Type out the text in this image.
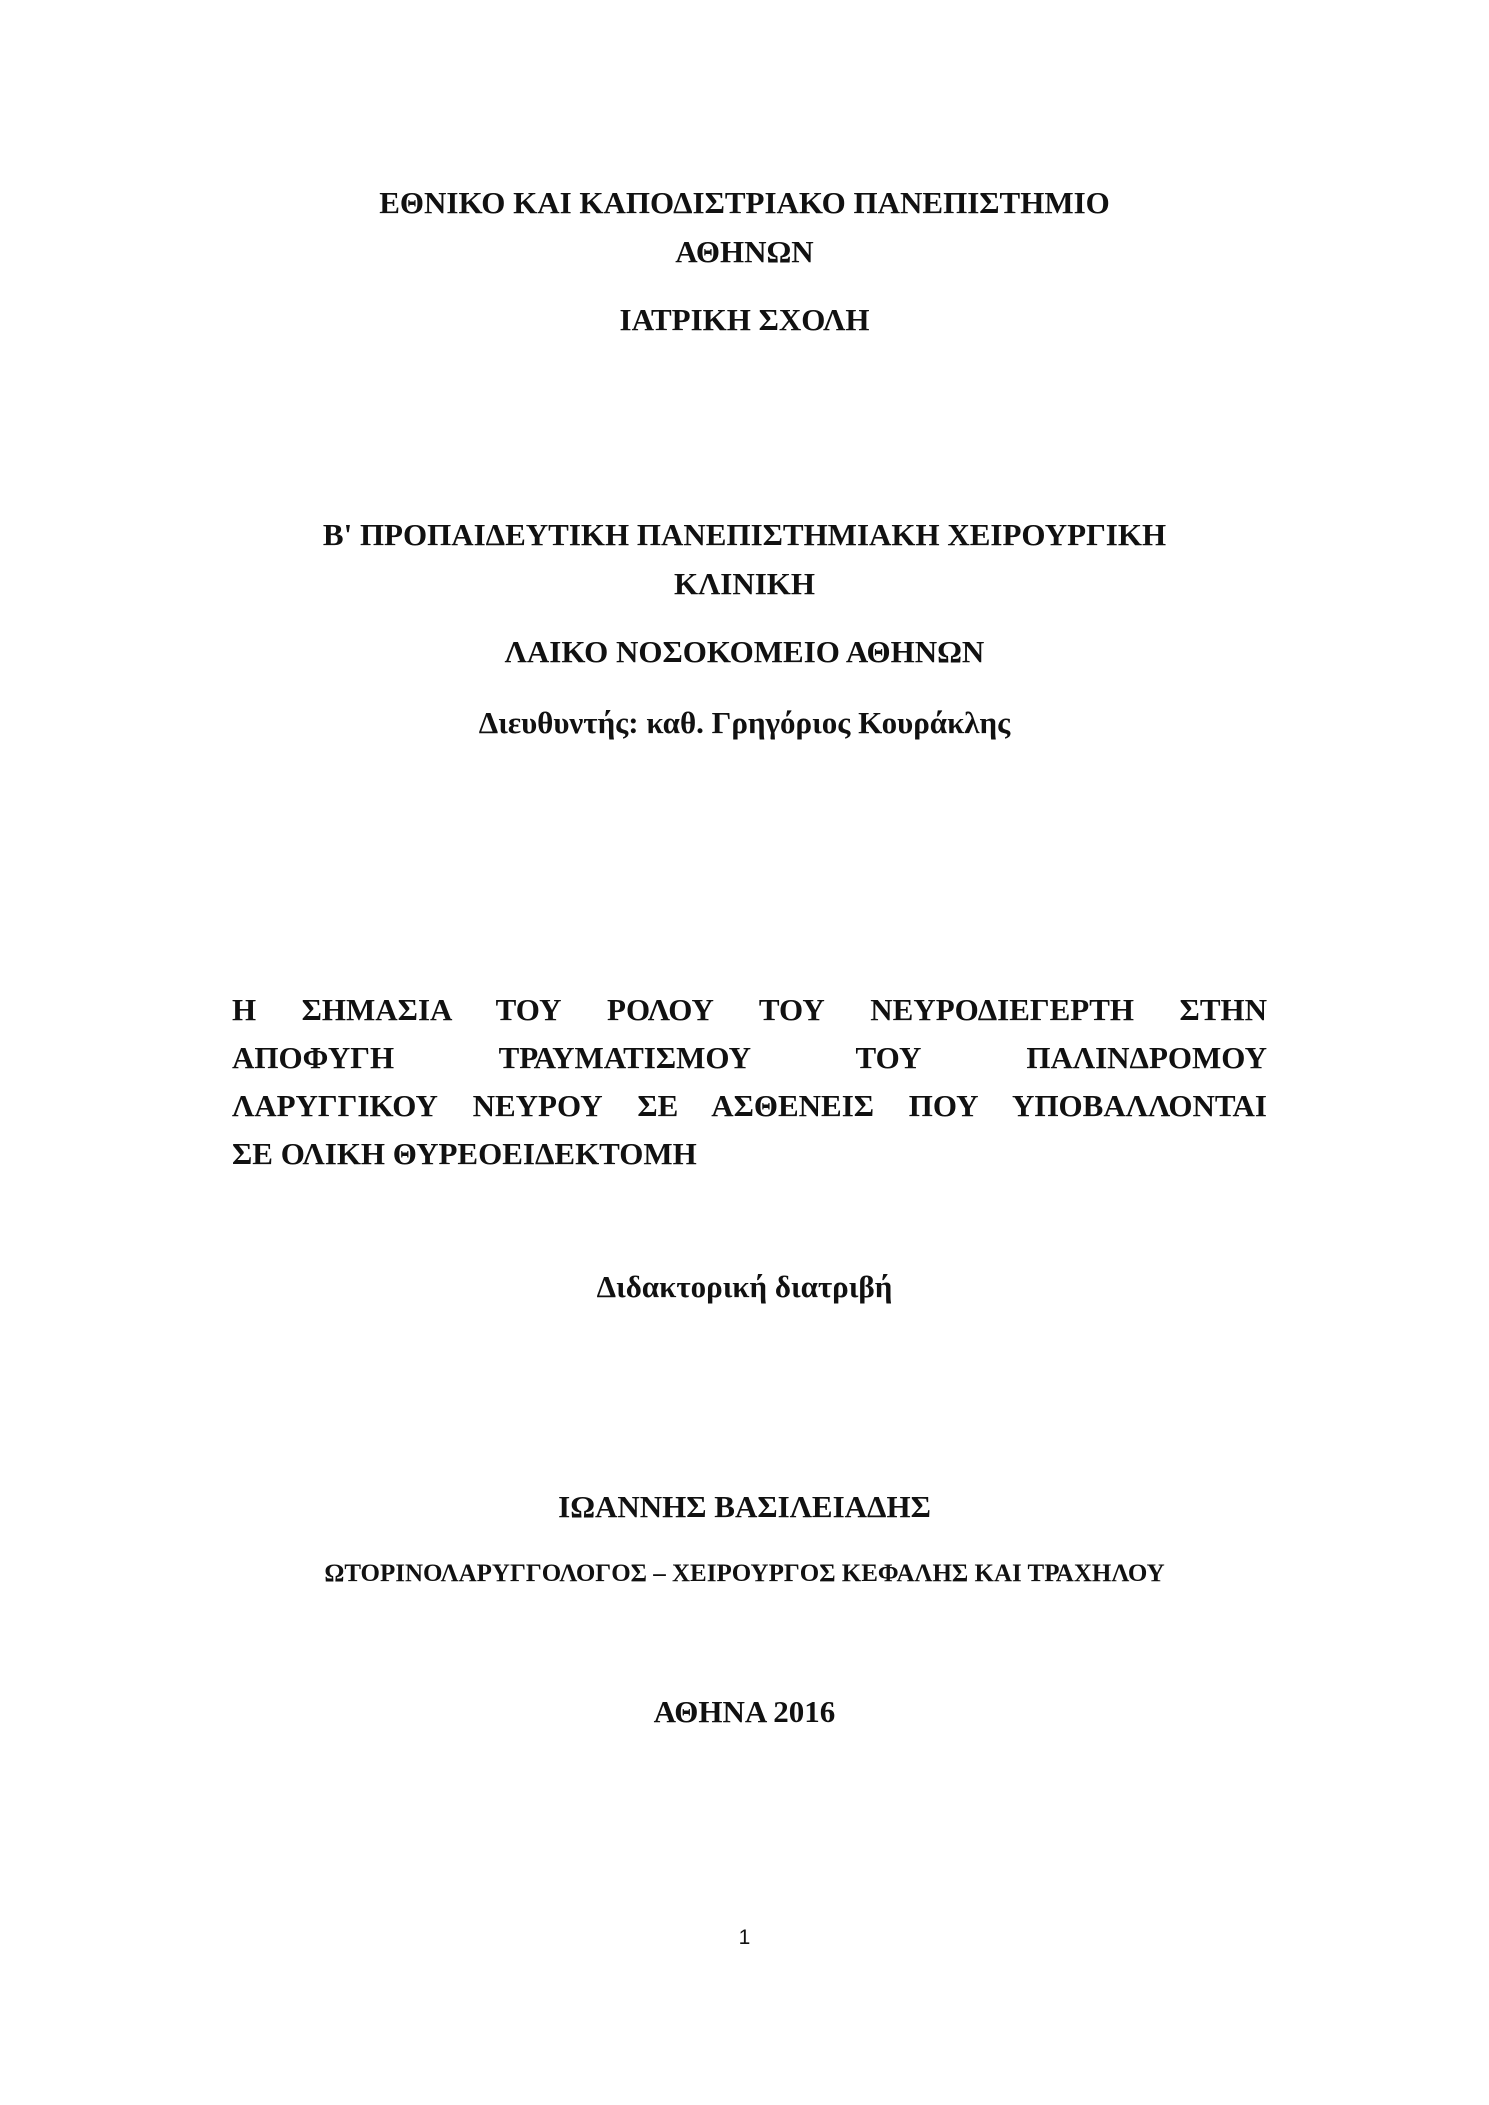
ΕΘΝΙΚΟ ΚΑΙ ΚΑΠΟΔΙΣΤΡΙΑΚΟ ΠΑΝΕΠΙΣΤΗΜΙΟ
ΑΘΗΝΩΝ
ΙΑΤΡΙΚΗ ΣΧΟΛΗ
Β' ΠΡΟΠΑΙΔΕΥΤΙΚΗ ΠΑΝΕΠΙΣΤΗΜΙΑΚΗ ΧΕΙΡΟΥΡΓΙΚΗ
ΚΛΙΝΙΚΗ
ΛΑΙΚΟ ΝΟΣΟΚΟΜΕΙΟ ΑΘΗΝΩΝ

Διευθυντής: καθ. Γρηγόριος Κουράκλης

Η ΣΗΜΑΣΙΑ ΤΟΥ ΡΟΛΟΥ ΤΟΥ ΝΕΥΡΟΔΙΕΓΕΡΤΗ ΣΤΗΝ
ΑΠΟΦΥΓΗ ΤΡΑΥΜΑΤΙΣΜΟΥ ΤΟΥ ΠΑΛΙΝΔΡΟΜΟΥ
ΛΑΡΥΓΓΙΚΟΥ ΝΕΥΡΟΥ ΣΕ ΑΣΘΕΝΕΙΣ ΠΟΥ ΥΠΟΒΑΛΛΟΝΤΑΙ
ΣΕ ΟΛΙΚΗ ΘΥΡΕΟΕΙΔΕΚΤΟΜΗ

Διδακτορική διατριβή

ΙΩΑΝΝΗΣ ΒΑΣΙΛΕΙΑΔΗΣ

ΩΤΟΡΙΝΟΛΑΡΥΓΓΟΛΟΓΟΣ – ΧΕΙΡΟΥΡΓΟΣ ΚΕΦΑΛΗΣ ΚΑΙ ΤΡΑΧΗΛΟΥ

ΑΘΗΝΑ 2016

1
